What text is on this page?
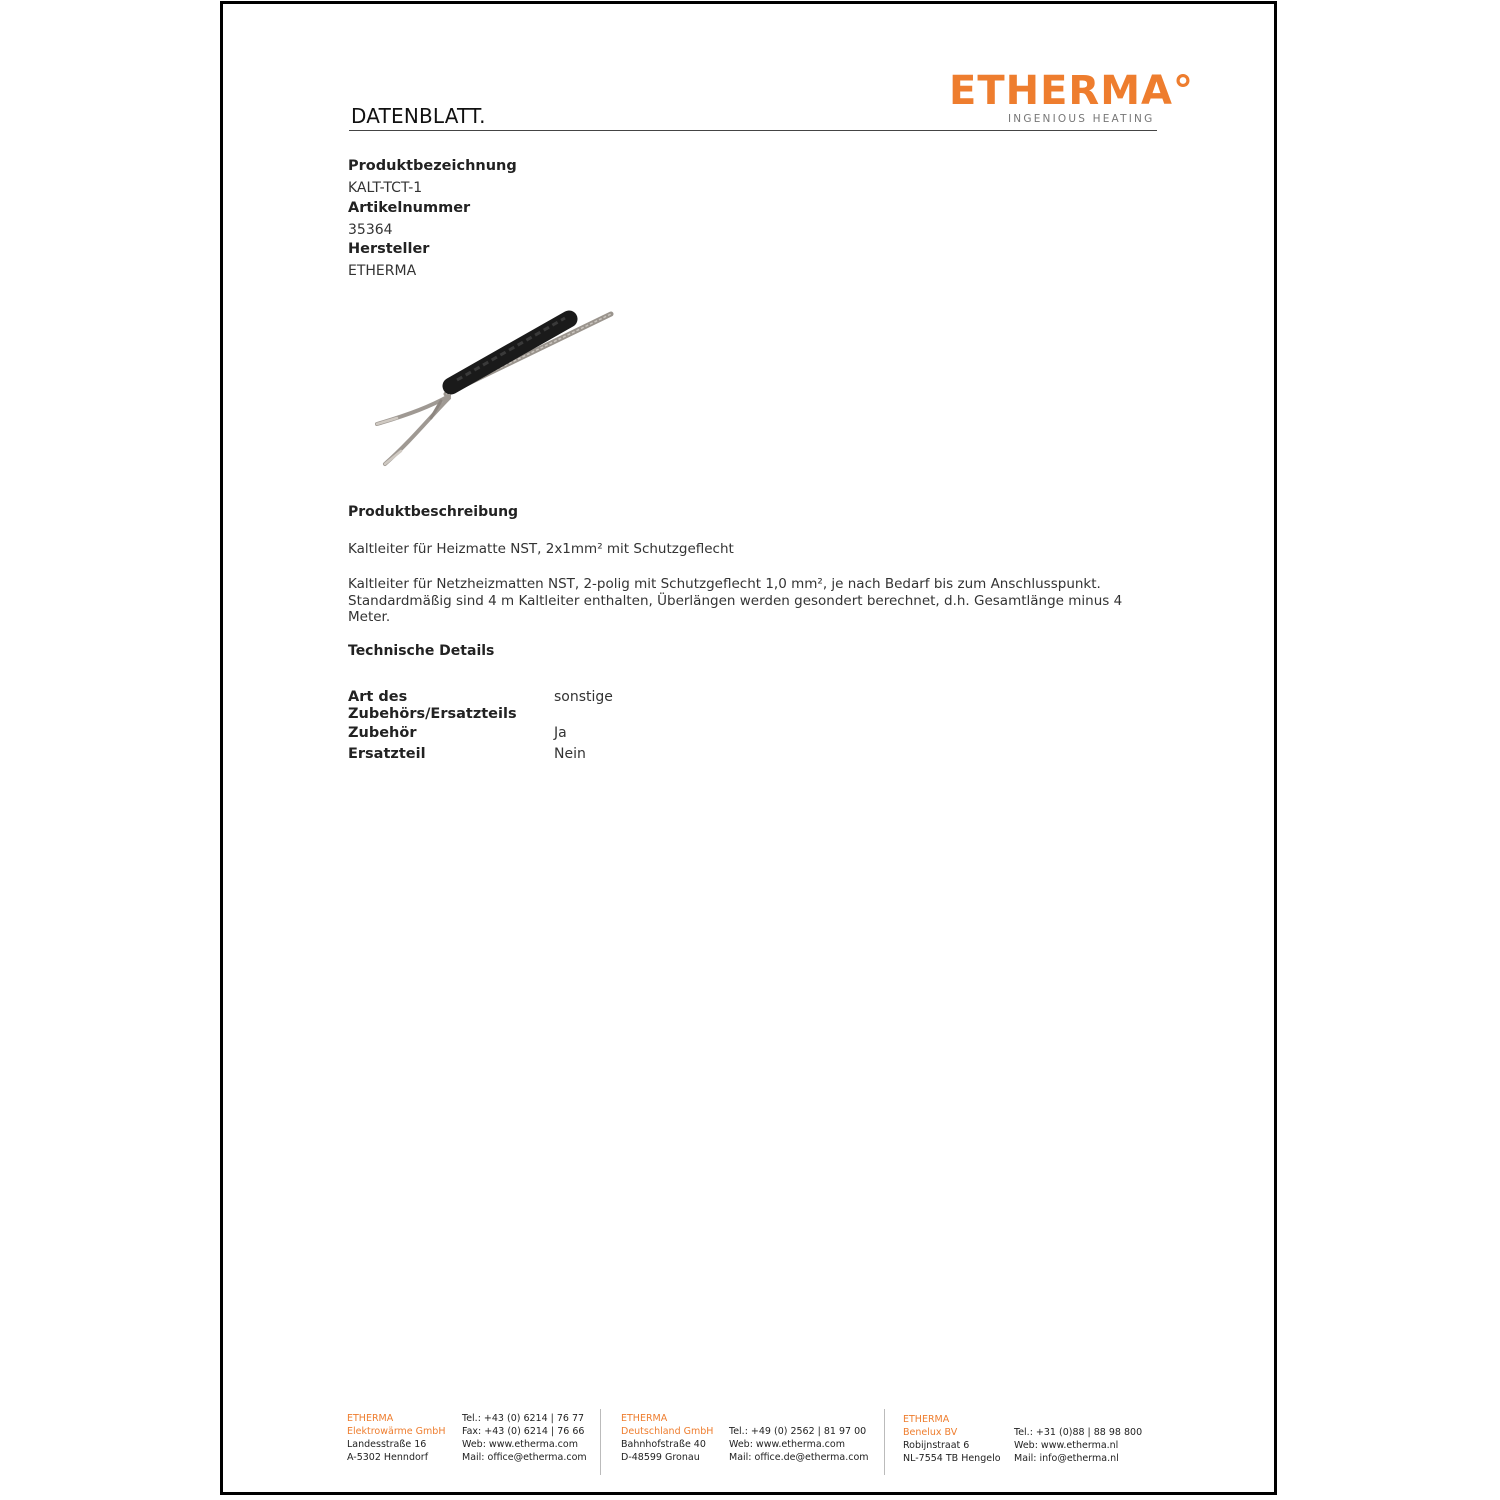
DATENBLATT.
ETHERMA°
INGENIOUS HEATING
Produktbezeichnung
KALT-TCT-1
Artikelnummer
35364
Hersteller
ETHERMA
Produktbeschreibung
Kaltleiter für Heizmatte NST, 2x1mm² mit Schutzgeflecht
Kaltleiter für Netzheizmatten NST, 2-polig mit Schutzgeflecht 1,0 mm², je nach Bedarf bis zum Anschlusspunkt. Standardmäßig sind 4 m Kaltleiter enthalten, Überlängen werden gesondert berechnet, d.h. Gesamtlänge minus 4 Meter.
Technische Details
Art des Zubehörs/Ersatzteils
sonstige
Zubehör	Ja
Ersatzteil	Nein
ETHERMA
Elektrowärme GmbH
Landesstraße 16
A-5302 Henndorf
Tel.: +43 (0) 6214 | 76 77
Fax: +43 (0) 6214 | 76 66
Web: www.etherma.com
Mail: office@etherma.com
ETHERMA
Deutschland GmbH
Bahnhofstraße 40
D-48599 Gronau
Tel.: +49 (0) 2562 | 81 97 00
Web: www.etherma.com
Mail: office.de@etherma.com
ETHERMA
Benelux BV
Robijnstraat 6
NL-7554 TB Hengelo
Tel.: +31 (0)88 | 88 98 800
Web: www.etherma.nl
Mail: info@etherma.nl
